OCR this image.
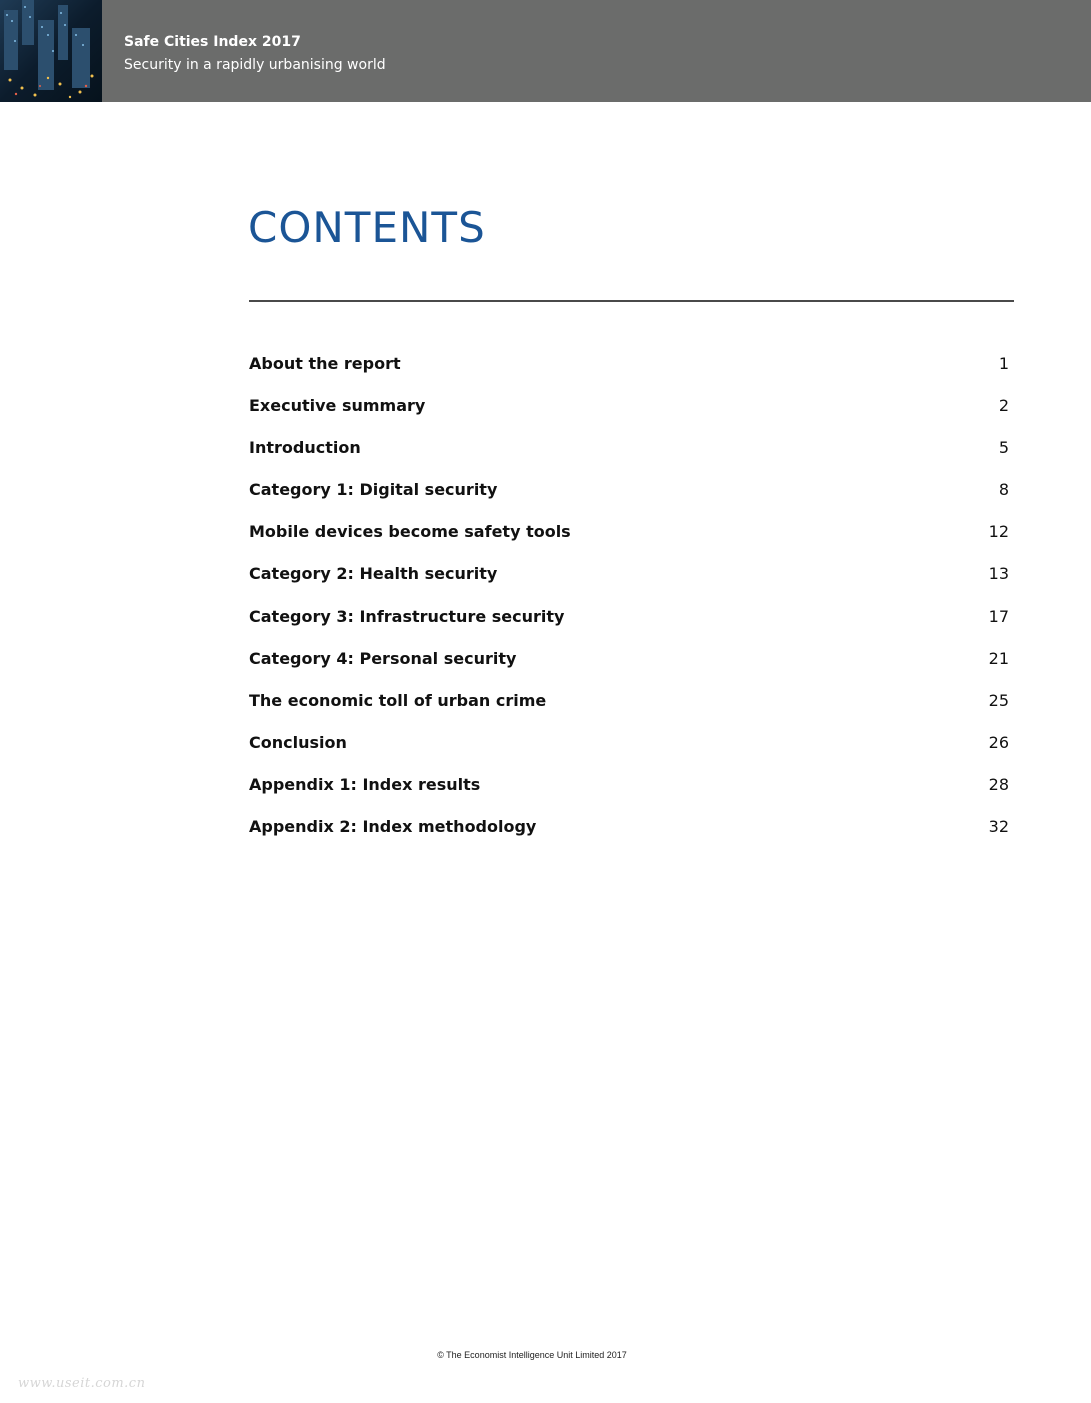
Safe Cities Index 2017
Security in a rapidly urbanising world
CONTENTS
About the report	1
Executive summary	2
Introduction	5
Category 1: Digital security	8
Mobile devices become safety tools	12
Category 2: Health security	13
Category 3: Infrastructure security	17
Category 4: Personal security	21
The economic toll of urban crime	25
Conclusion	26
Appendix 1: Index results	28
Appendix 2: Index methodology	32
© The Economist Intelligence Unit Limited 2017
www.useit.com.cn
